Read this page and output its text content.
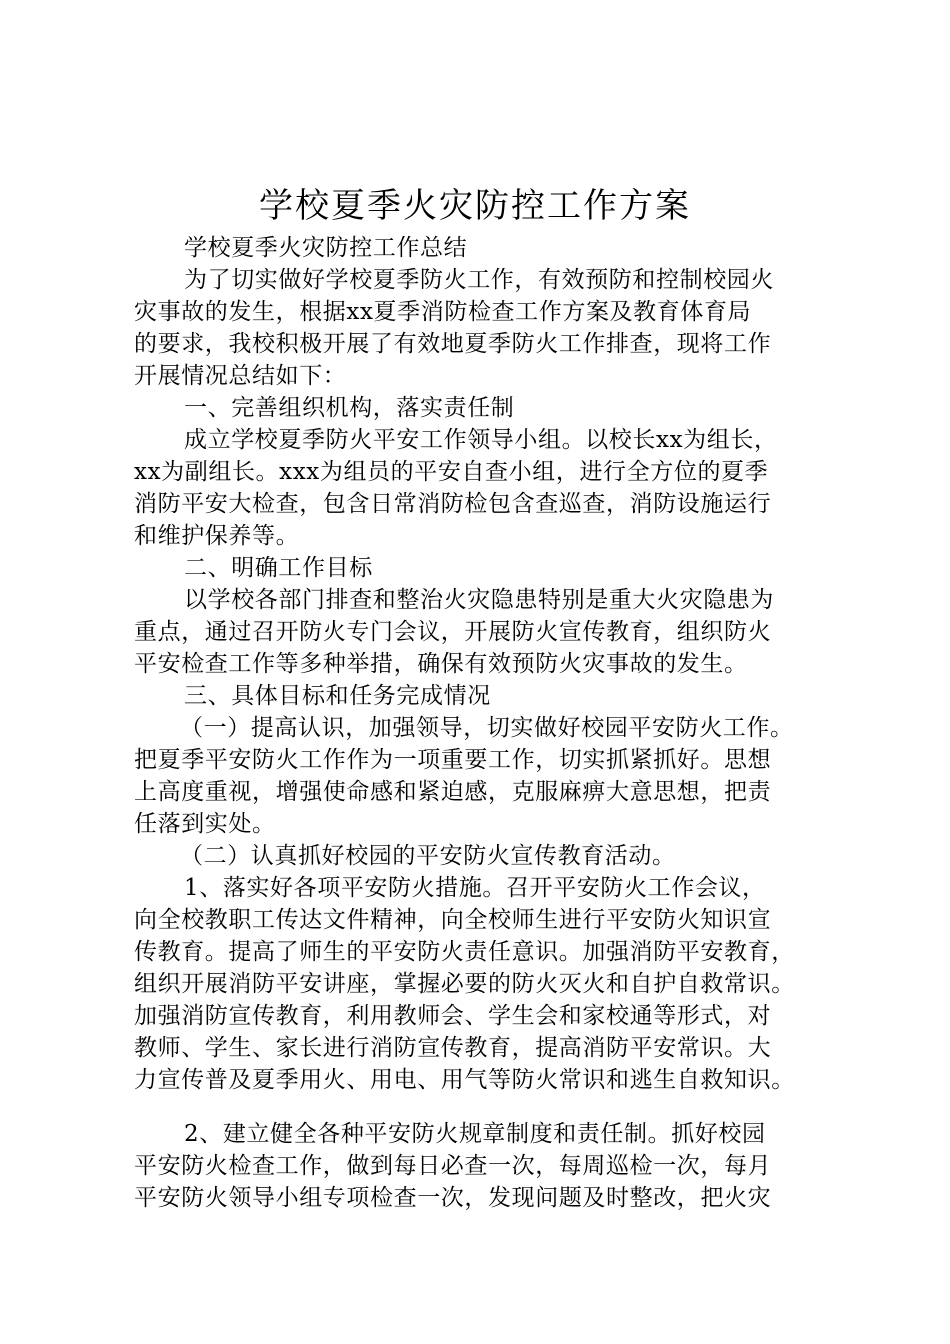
学校夏季火灾防控工作方案
学校夏季火灾防控工作总结
为了切实做好学校夏季防火工作，有效预防和控制校园火
灾事故的发生，根据xx夏季消防检查工作方案及教育体育局
的要求，我校积极开展了有效地夏季防火工作排查，现将工作
开展情况总结如下：
一、完善组织机构，落实责任制
成立学校夏季防火平安工作领导小组。以校长xx为组长，
xx为副组长。xxx为组员的平安自查小组，进行全方位的夏季
消防平安大检查，包含日常消防检包含查巡查，消防设施运行
和维护保养等。
二、明确工作目标
以学校各部门排查和整治火灾隐患特别是重大火灾隐患为
重点，通过召开防火专门会议，开展防火宣传教育，组织防火
平安检查工作等多种举措，确保有效预防火灾事故的发生。
三、具体目标和任务完成情况
（一）提高认识，加强领导，切实做好校园平安防火工作。
把夏季平安防火工作作为一项重要工作，切实抓紧抓好。思想
上高度重视，增强使命感和紧迫感，克服麻痹大意思想，把责
任落到实处。
（二）认真抓好校园的平安防火宣传教育活动。
1、落实好各项平安防火措施。召开平安防火工作会议，
向全校教职工传达文件精神，向全校师生进行平安防火知识宣
传教育。提高了师生的平安防火责任意识。加强消防平安教育，
组织开展消防平安讲座，掌握必要的防火灭火和自护自救常识。
加强消防宣传教育，利用教师会、学生会和家校通等形式，对
教师、学生、家长进行消防宣传教育，提高消防平安常识。大
力宣传普及夏季用火、用电、用气等防火常识和逃生自救知识。
2、建立健全各种平安防火规章制度和责任制。抓好校园
平安防火检查工作，做到每日必查一次，每周巡检一次，每月
平安防火领导小组专项检查一次，发现问题及时整改，把火灾
